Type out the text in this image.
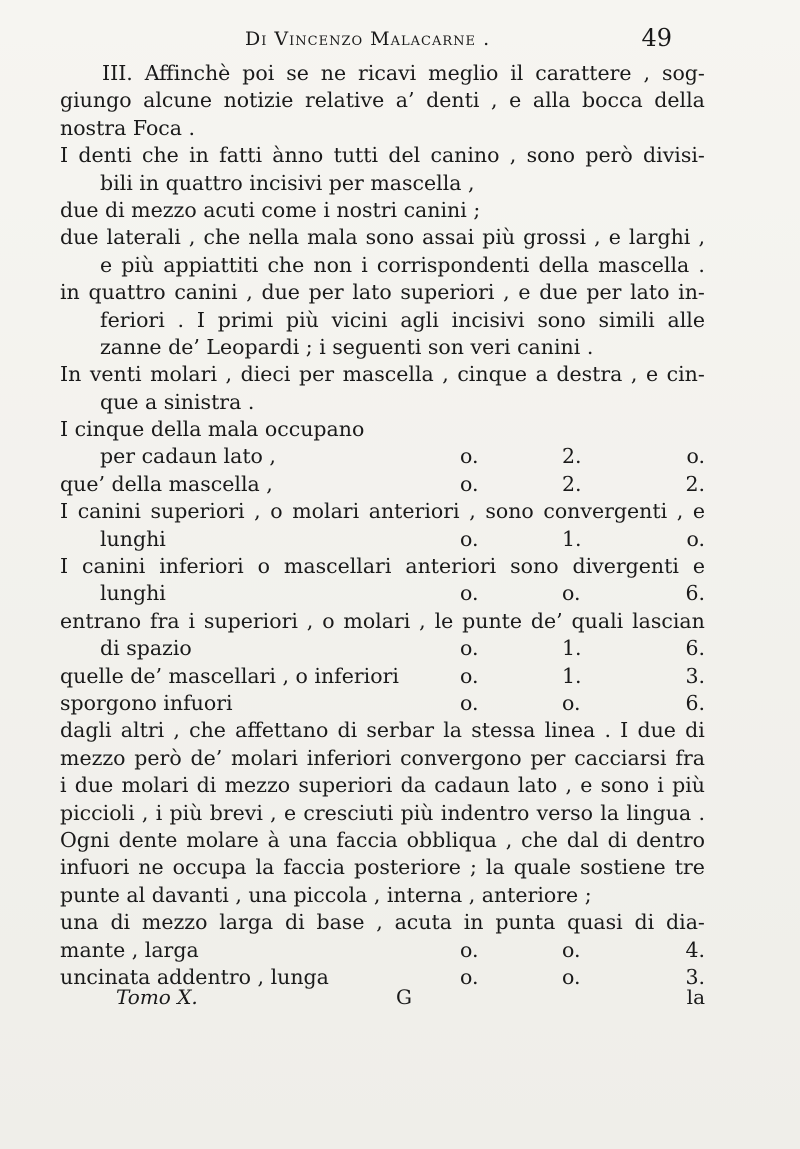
Di Vincenzo Malacarne .	49
III. Affinchè poi se ne ricavi meglio il carattere , sog-
giungo alcune notizie relative a’ denti , e alla bocca della
nostra Foca .
I denti che in fatti ànno tutti del canino , sono però divisi-
bili in quattro incisivi per mascella ,
due di mezzo acuti come i nostri canini ;
due laterali , che nella mala sono assai più grossi , e larghi ,
e più appiattiti che non i corrispondenti della mascella .
in quattro canini , due per lato superiori , e due per lato in-
feriori . I primi più vicini agli incisivi sono simili alle
zanne de’ Leopardi ; i seguenti son veri canini .
In venti molari , dieci per mascella , cinque a destra , e cin-
que a sinistra .
I cinque della mala occupano
per cadaun lato ,	o.	2.	o.
que’ della mascella ,	o.	2.	2.
I canini superiori , o molari anteriori , sono convergenti , e
lunghi	o.	1.	o.
I canini inferiori o mascellari anteriori sono divergenti e
lunghi	o.	o.	6.
entrano fra i superiori , o molari , le punte de’ quali lascian
di spazio	o.	1.	6.
quelle de’ mascellari , o inferiori	o.	1.	3.
sporgono infuori	o.	o.	6.
dagli altri , che affettano di serbar la stessa linea . I due di
mezzo però de’ molari inferiori convergono per cacciarsi fra
i due molari di mezzo superiori da cadaun lato , e sono i più
piccioli , i più brevi , e cresciuti più indentro verso la lingua .
Ogni dente molare à una faccia obbliqua , che dal di dentro
infuori ne occupa la faccia posteriore ; la quale sostiene tre
punte al davanti , una piccola , interna , anteriore ;
una di mezzo larga di base , acuta in punta quasi di dia-
mante , larga	o.	o.	4.
uncinata addentro , lunga	o.	o.	3.
Tomo X.	G	la
